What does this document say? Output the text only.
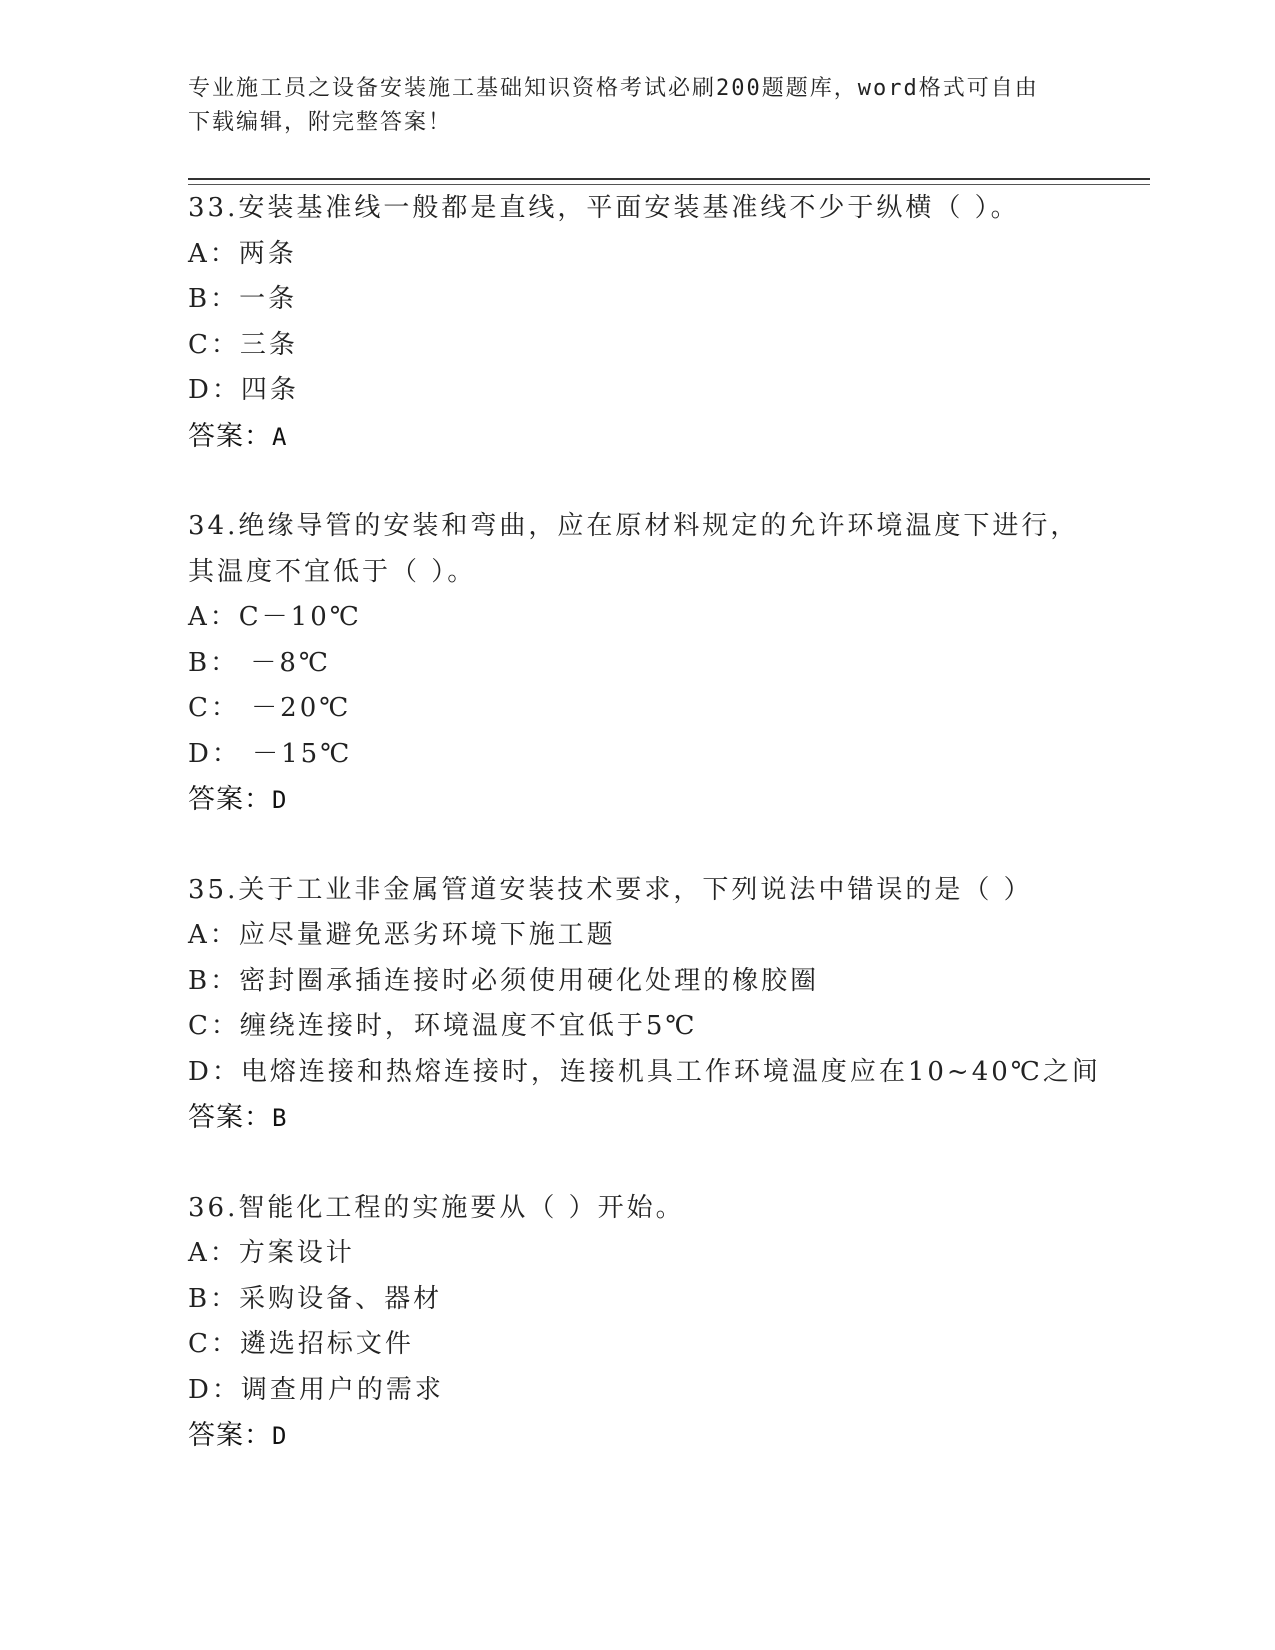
专业施工员之设备安装施工基础知识资格考试必刷200题题库，word格式可自由
下载编辑，附完整答案！
33.安装基准线一般都是直线，平面安装基准线不少于纵横（ ）。
A：两条
B：一条
C：三条
D：四条
答案：A
34.绝缘导管的安装和弯曲，应在原材料规定的允许环境温度下进行，
其温度不宜低于（ ）。
A：C－10℃
B： －8℃
C： －20℃
D： －15℃
答案：D
35.关于工业非金属管道安装技术要求，下列说法中错误的是（ ）
A：应尽量避免恶劣环境下施工题
B：密封圈承插连接时必须使用硬化处理的橡胶圈
C：缠绕连接时，环境温度不宜低于5℃
D：电熔连接和热熔连接时，连接机具工作环境温度应在10~40℃之间
答案：B
36.智能化工程的实施要从（ ）开始。
A：方案设计
B：采购设备、器材
C：遴选招标文件
D：调查用户的需求
答案：D
